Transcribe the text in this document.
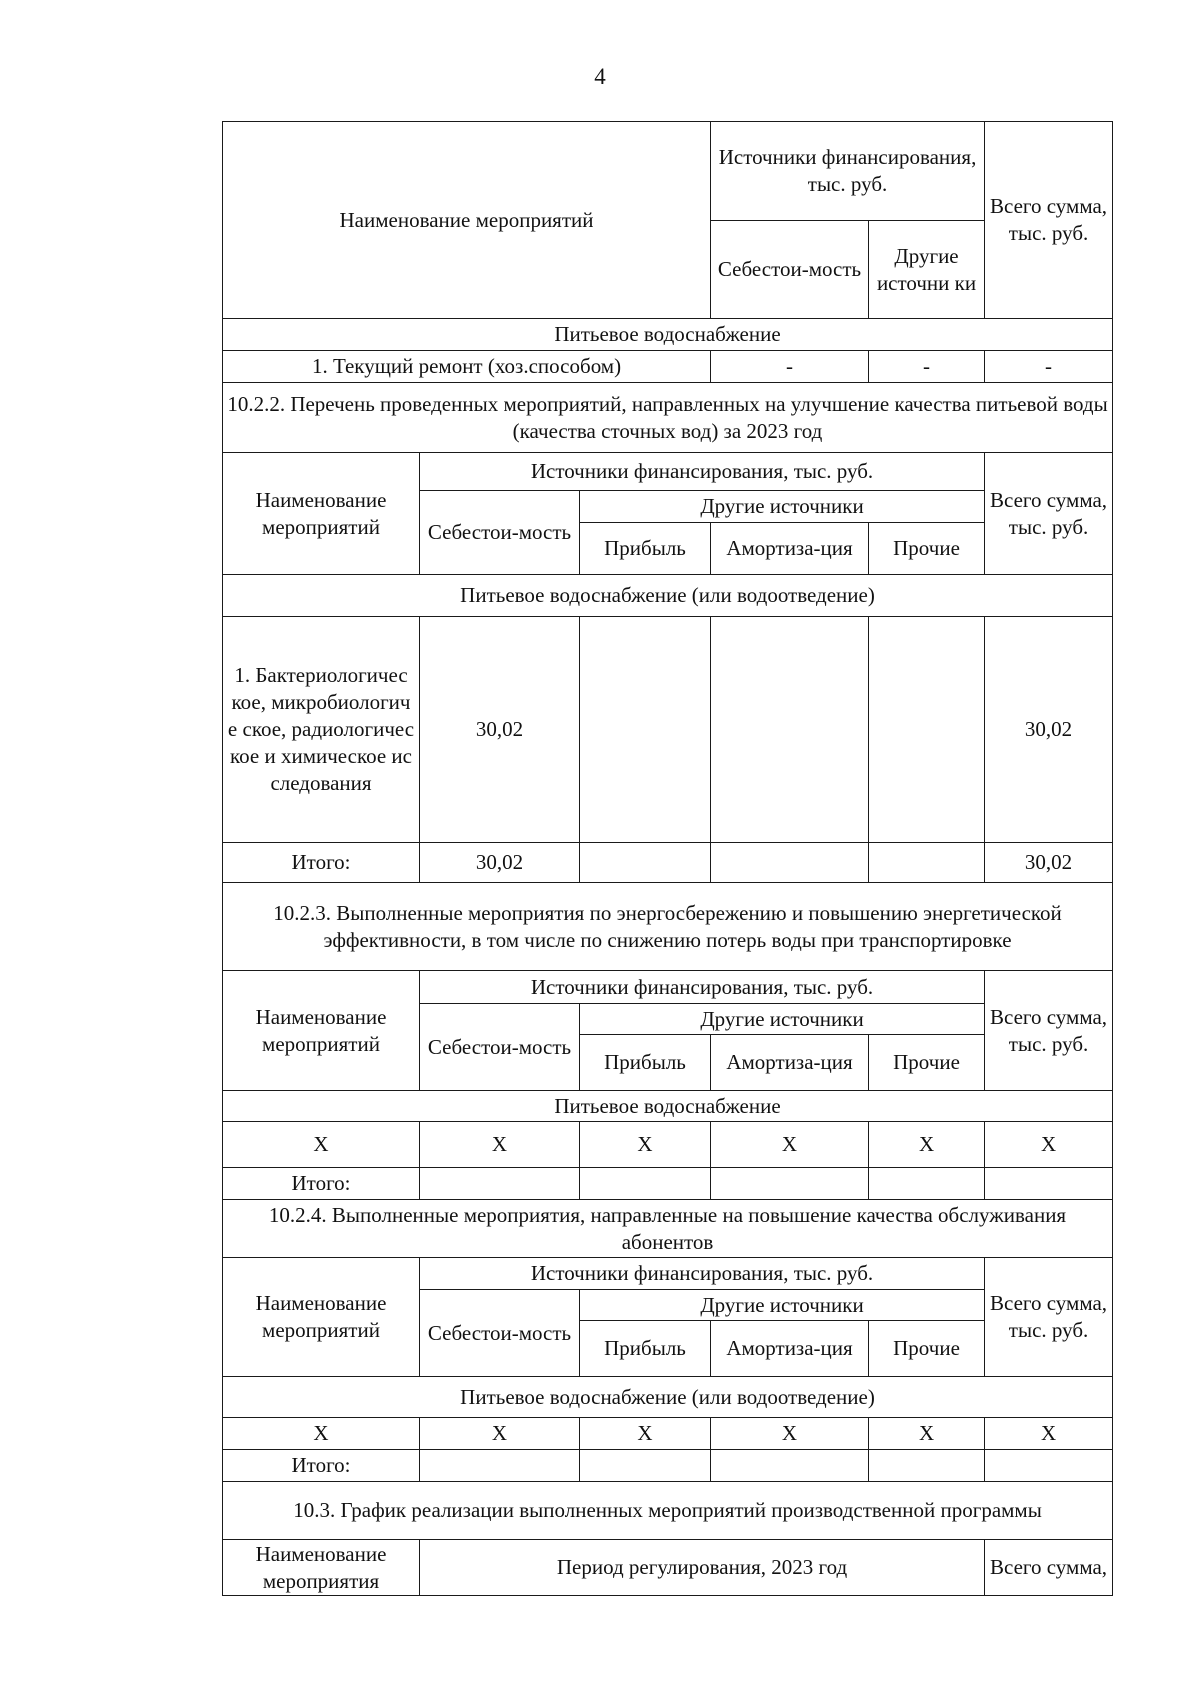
4
Наименование мероприятий			Источники финансирования, тыс. руб.		Всего сумма, тыс. руб.
			Себестои-мость	Другие источни ки	
Питьевое водоснабжение					
1. Текущий ремонт (хоз.способом)			-	-	-
10.2.2. Перечень проведенных мероприятий, направленных на улучшение качества питьевой воды (качества сточных вод) за 2023 год					
Наименование мероприятий	Источники финансирования, тыс. руб.				Всего сумма, тыс. руб.
	Себестои-мость	Другие источники			
		Прибыль	Амортиза-ция	Прочие	
Питьевое водоснабжение (или водоотведение)					
1. Бактериологичес кое, микробиологиче ское, радиологическое и химическое исследования	30,02				30,02
Итого:	30,02				30,02
10.2.3. Выполненные мероприятия по энергосбережению и повышению энергетической эффективности, в том числе по снижению потерь воды при транспортировке					
Наименование мероприятий	Источники финансирования, тыс. руб.				Всего сумма, тыс. руб.
	Себестои-мость	Другие источники			
		Прибыль	Амортиза-ция	Прочие	
Питьевое водоснабжение					
Х	Х	Х	Х	Х	Х
Итого:					
10.2.4. Выполненные мероприятия, направленные на повышение качества обслуживания абонентов					
Наименование мероприятий	Источники финансирования, тыс. руб.				Всего сумма, тыс. руб.
	Себестои-мость	Другие источники			
		Прибыль	Амортиза-ция	Прочие	
Питьевое водоснабжение (или водоотведение)					
Х	Х	Х	Х	Х	Х
Итого:					
10.3. График реализации выполненных мероприятий производственной программы					
Наименование мероприятия	Период регулирования, 2023 год				Всего сумма,
